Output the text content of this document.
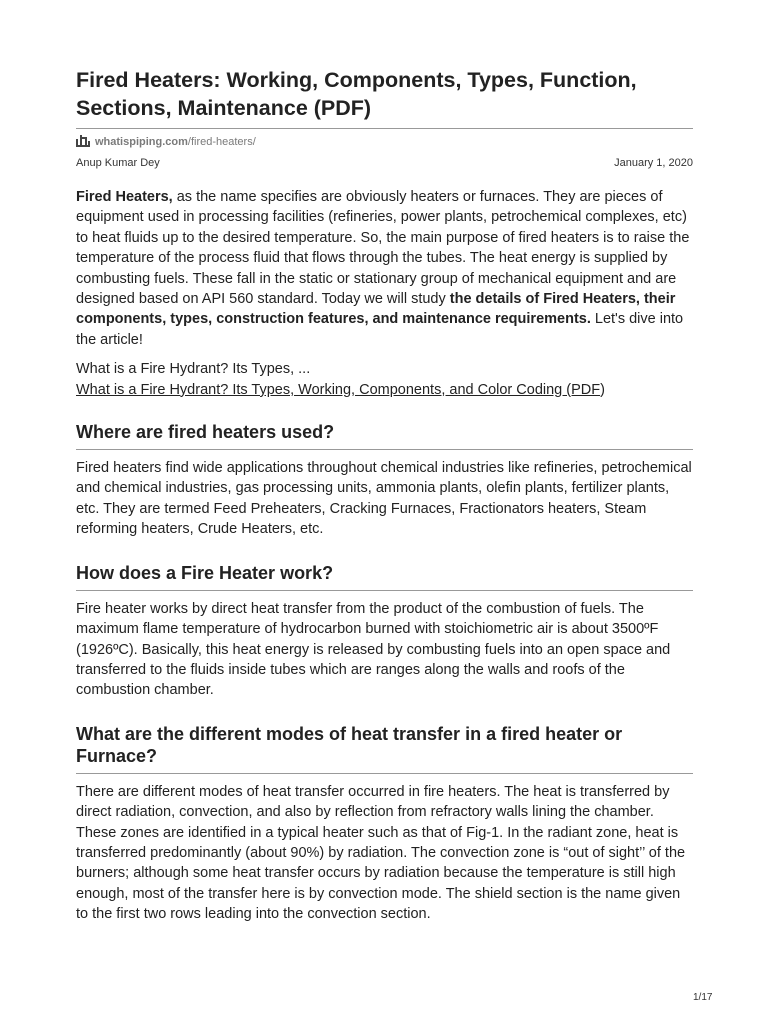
Fired Heaters: Working, Components, Types, Function, Sections, Maintenance (PDF)
whatispiping.com /fired-heaters/
Anup Kumar Dey	January 1, 2020

Fired Heaters, as the name specifies are obviously heaters or furnaces. They are pieces of equipment used in processing facilities (refineries, power plants, petrochemical complexes, etc) to heat fluids up to the desired temperature. So, the main purpose of fired heaters is to raise the temperature of the process fluid that flows through the tubes. The heat energy is supplied by combusting fuels. These fall in the static or stationary group of mechanical equipment and are designed based on API 560 standard. Today we will study the details of Fired Heaters, their components, types, construction features, and maintenance requirements. Let's dive into the article!

What is a Fire Hydrant? Its Types, ...
What is a Fire Hydrant? Its Types, Working, Components, and Color Coding (PDF)

Where are fired heaters used?

Fired heaters find wide applications throughout chemical industries like refineries, petrochemical and chemical industries, gas processing units, ammonia plants, olefin plants, fertilizer plants, etc. They are termed Feed Preheaters, Cracking Furnaces, Fractionators heaters, Steam reforming heaters, Crude Heaters, etc.

How does a Fire Heater work?

Fire heater works by direct heat transfer from the product of the combustion of fuels. The maximum flame temperature of hydrocarbon burned with stoichiometric air is about 3500ºF (1926ºC). Basically, this heat energy is released by combusting fuels into an open space and transferred to the fluids inside tubes which are ranges along the walls and roofs of the combustion chamber.

What are the different modes of heat transfer in a fired heater or Furnace?

There are different modes of heat transfer occurred in fire heaters. The heat is transferred by direct radiation, convection, and also by reflection from refractory walls lining the chamber. These zones are identified in a typical heater such as that of Fig-1. In the radiant zone, heat is transferred predominantly (about 90%) by radiation. The convection zone is “out of sight’’ of the burners; although some heat transfer occurs by radiation because the temperature is still high enough, most of the transfer here is by convection mode. The shield section is the name given to the first two rows leading into the convection section.

1/17
